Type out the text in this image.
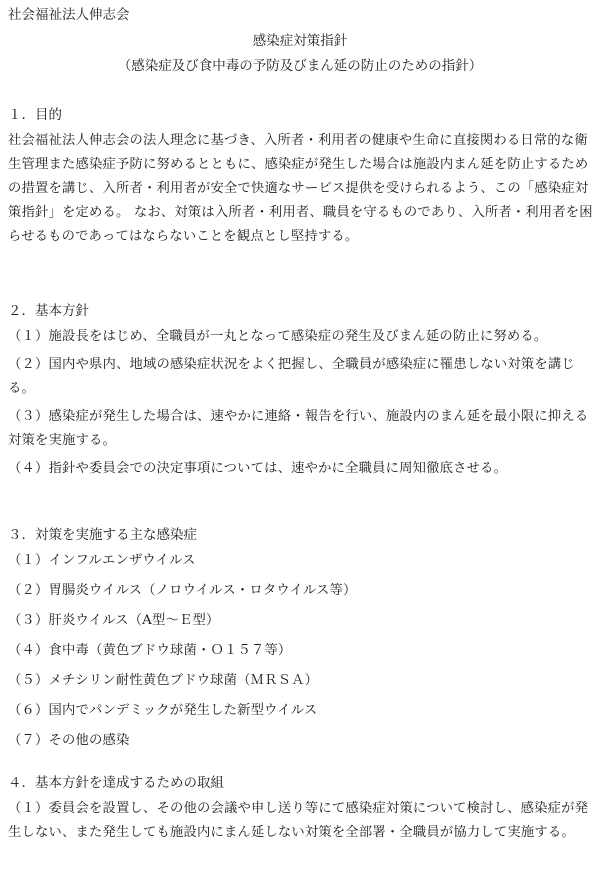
社会福祉法人伸志会
感染症対策指針
（感染症及び食中毒の予防及びまん延の防止のための指針）

１．目的

社会福祉法人伸志会の法人理念に基づき、入所者・利用者の健康や生命に直接関わる日常的な衛生管理また感染症予防に努めるとともに、感染症が発生した場合は施設内まん延を防止するための措置を講じ、入所者・利用者が安全で快適なサービス提供を受けられるよう、この「感染症対策指針」を定める。 なお、対策は入所者・利用者、職員を守るものであり、入所者・利用者を困らせるものであってはならないことを観点とし堅持する。

２．基本方針

（１）施設長をはじめ、全職員が一丸となって感染症の発生及びまん延の防止に努める。

（２）国内や県内、地域の感染症状況をよく把握し、全職員が感染症に罹患しない対策を講じる。

（３）感染症が発生した場合は、速やかに連絡・報告を行い、施設内のまん延を最小限に抑える対策を実施する。

（４）指針や委員会での決定事項については、速やかに全職員に周知徹底させる。

３．対策を実施する主な感染症

（１）インフルエンザウイルス

（２）胃腸炎ウイルス（ノロウイルス・ロタウイルス等）

（３）肝炎ウイルス（A型〜Ｅ型）

（４）食中毒（黄色ブドウ球菌・Ｏ１５７等）

（５）メチシリン耐性黄色ブドウ球菌（ＭＲＳＡ）

（６）国内でパンデミックが発生した新型ウイルス

（７）その他の感染

４．基本方針を達成するための取組

（１）委員会を設置し、その他の会議や申し送り等にて感染症対策について検討し、感染症が発生しない、また発生しても施設内にまん延しない対策を全部署・全職員が協力して実施する。
